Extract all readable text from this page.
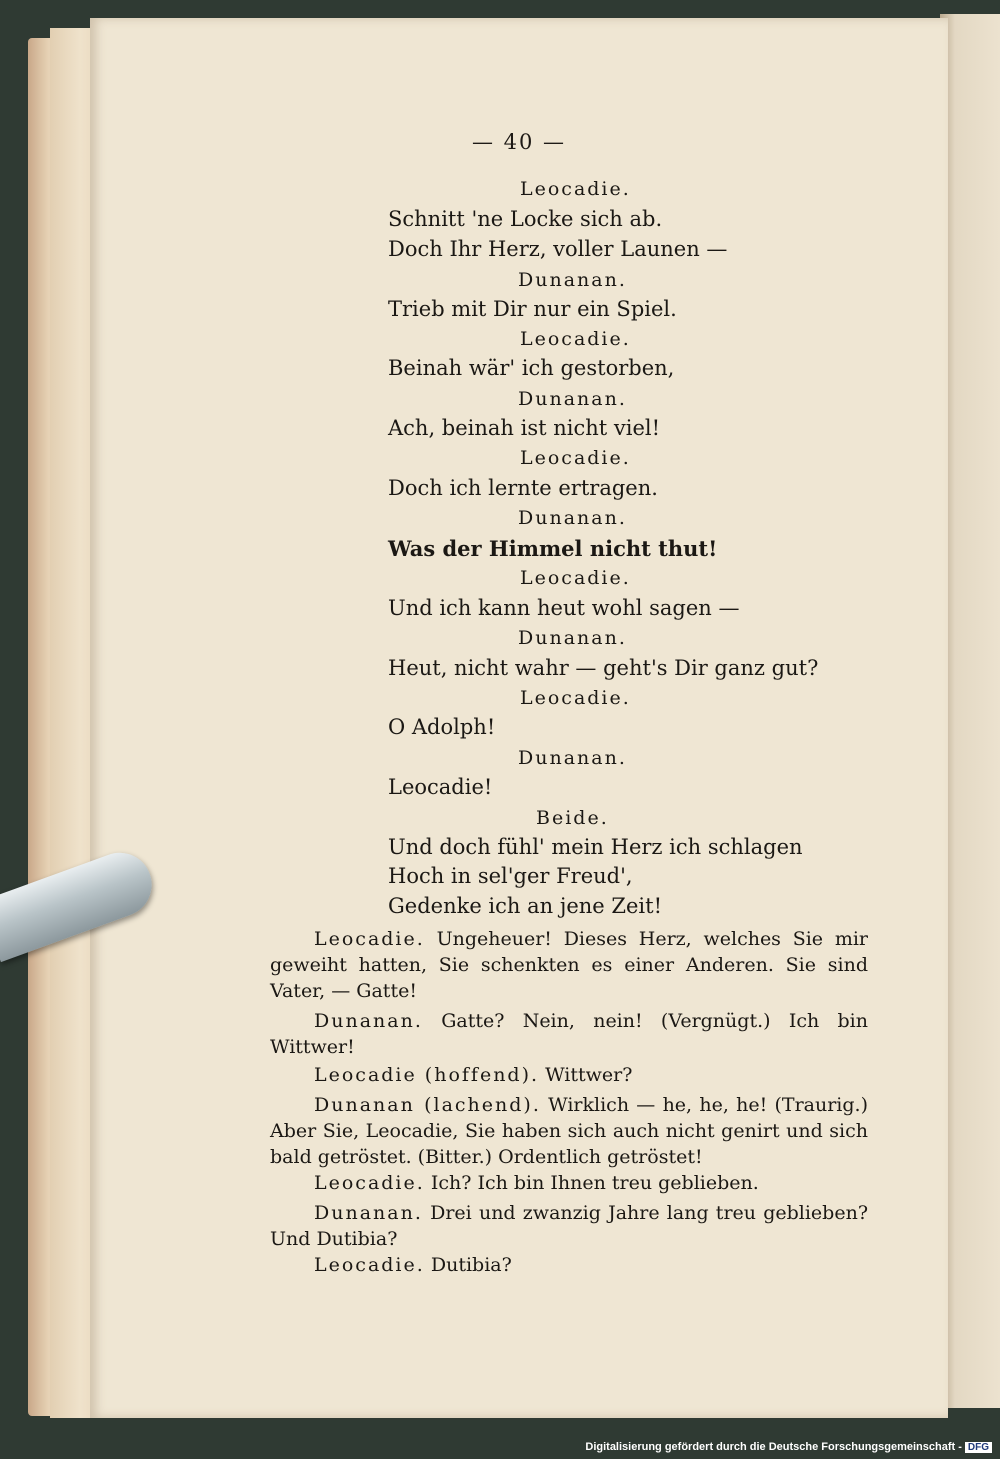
— 40 —
Leocadie.
Schnitt 'ne Locke sich ab.
Doch Ihr Herz, voller Launen —
Dunanan.
Trieb mit Dir nur ein Spiel.
Leocadie.
Beinah wär' ich gestorben,
Dunanan.
Ach, beinah ist nicht viel!
Leocadie.
Doch ich lernte ertragen.
Dunanan.
Was der Himmel nicht thut!
Leocadie.
Und ich kann heut wohl sagen —
Dunanan.
Heut, nicht wahr — geht's Dir ganz gut?
Leocadie.
O Adolph!
Dunanan.
Leocadie!
Beide.
Und doch fühl' mein Herz ich schlagen
Hoch in sel'ger Freud',
Gedenke ich an jene Zeit!
Leocadie. Ungeheuer! Dieses Herz, welches Sie mir geweiht hatten, Sie schenkten es einer Anderen. Sie sind Vater, — Gatte!
Dunanan. Gatte? Nein, nein! (Vergnügt.) Ich bin Wittwer!
Leocadie (hoffend). Wittwer?
Dunanan (lachend). Wirklich — he, he, he! (Traurig.) Aber Sie, Leocadie, Sie haben sich auch nicht genirt und sich bald getröstet. (Bitter.) Ordentlich getröstet!
Leocadie. Ich? Ich bin Ihnen treu geblieben.
Dunanan. Drei und zwanzig Jahre lang treu geblieben? Und Dutibia?
Leocadie. Dutibia?
Digitalisierung gefördert durch die Deutsche Forschungsgemeinschaft - DFG
